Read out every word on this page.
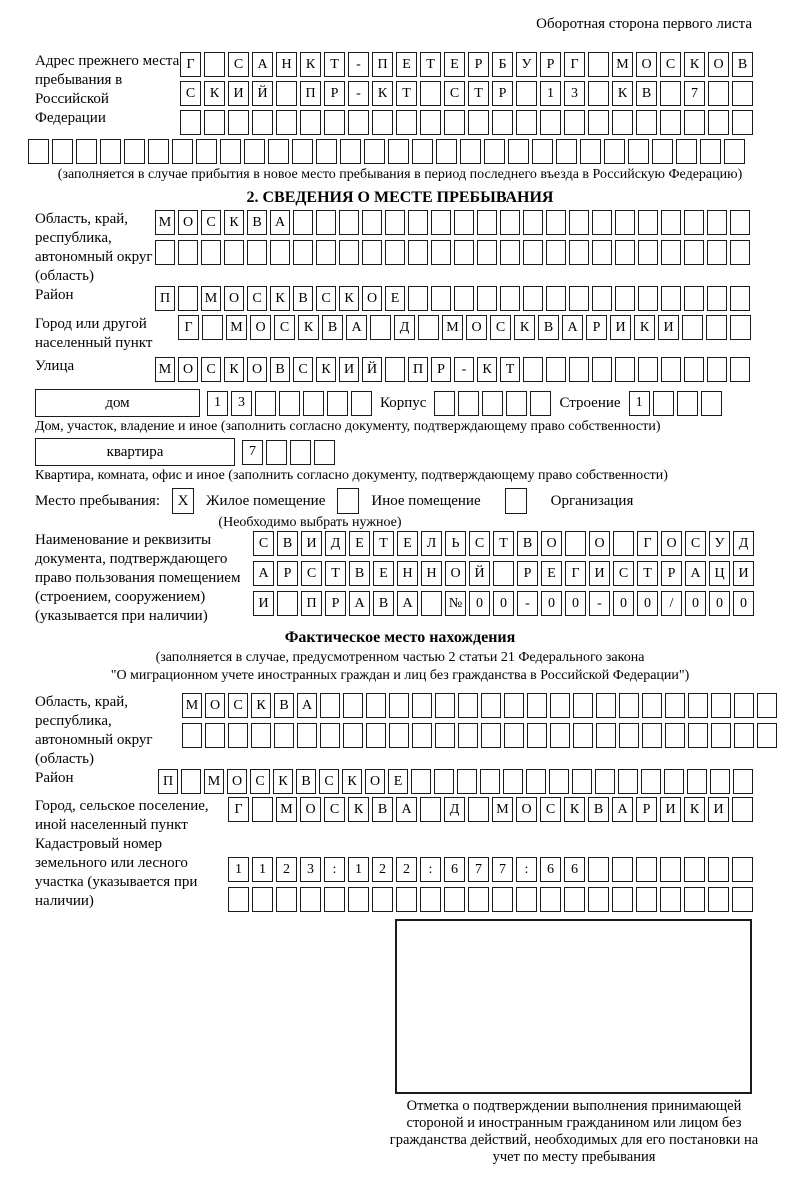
Оборотная сторона первого листа
Адрес прежнего места пребывания в Российской Федерации
Г	С	А Н	К	Т	-	П	Е	Т	Е	Р	Б	У	Р	Г	М О	С	К	О	В
С	К	И Й	П	Р	-	К	Т	С	Т	Р	1	3	К	В	7
(заполняется в случае прибытия в новое место пребывания в период последнего въезда в Российскую Федерацию)
2. СВЕДЕНИЯ О МЕСТЕ ПРЕБЫВАНИЯ
Область, край, республика, автономный округ (область)
М О С К В А
Район	П	М О С К В С К О Е
Город или другой населенный пункт
Г	М О	С	К	В	А	Д	М О	С	К	В	А	Р	И	К	И
Улица	М О С К О В С К И Й	П	Р	-	К	Т
дом	1	3	Корпус	Строение	1
Дом, участок, владение и иное (заполнить согласно документу, подтверждающему право собственности)
квартира	7
Квартира, комната, офис и иное (заполнить согласно документу, подтверждающему право собственности)
Место пребывания:	X	Жилое помещение	Иное помещение	Организация
(Необходимо выбрать нужное)
Наименование и реквизиты документа, подтверждающего право пользования помещением (строением, сооружением) (указывается при наличии)
С	В	И	Д	Е	Т	Е	Л	Ь	С	Т	В	О	О	Г	О	С	У	Д
А	Р	С	Т	В	Е	Н Н О Й	Р	Е	Г	И	С	Т	Р	А Ц И
И	П	Р	А	В	А	№ 0	0	-	0	0	-	0	0	/	0	0	0
Фактическое место нахождения
(заполняется в случае, предусмотренном частью 2 статьи 21 Федерального закона
"О миграционном учете иностранных граждан и лиц без гражданства в Российской Федерации")
Область, край, республика, автономный округ (область)
М О С К В А
Район	П	М О С К В С К О Е
Город, сельское поселение, иной населенный пункт
Г	М О	С	К	В	А	Д	М О	С	К	В	А	Р	И	К	И
Кадастровый номер земельного или лесного участка (указывается при наличии)
1	1	2	3	:	1	2	2	:	6	7	7	:	6	6
Отметка о подтверждении выполнения принимающей стороной и иностранным гражданином или лицом без гражданства действий, необходимых для его постановки на учет по месту пребывания
